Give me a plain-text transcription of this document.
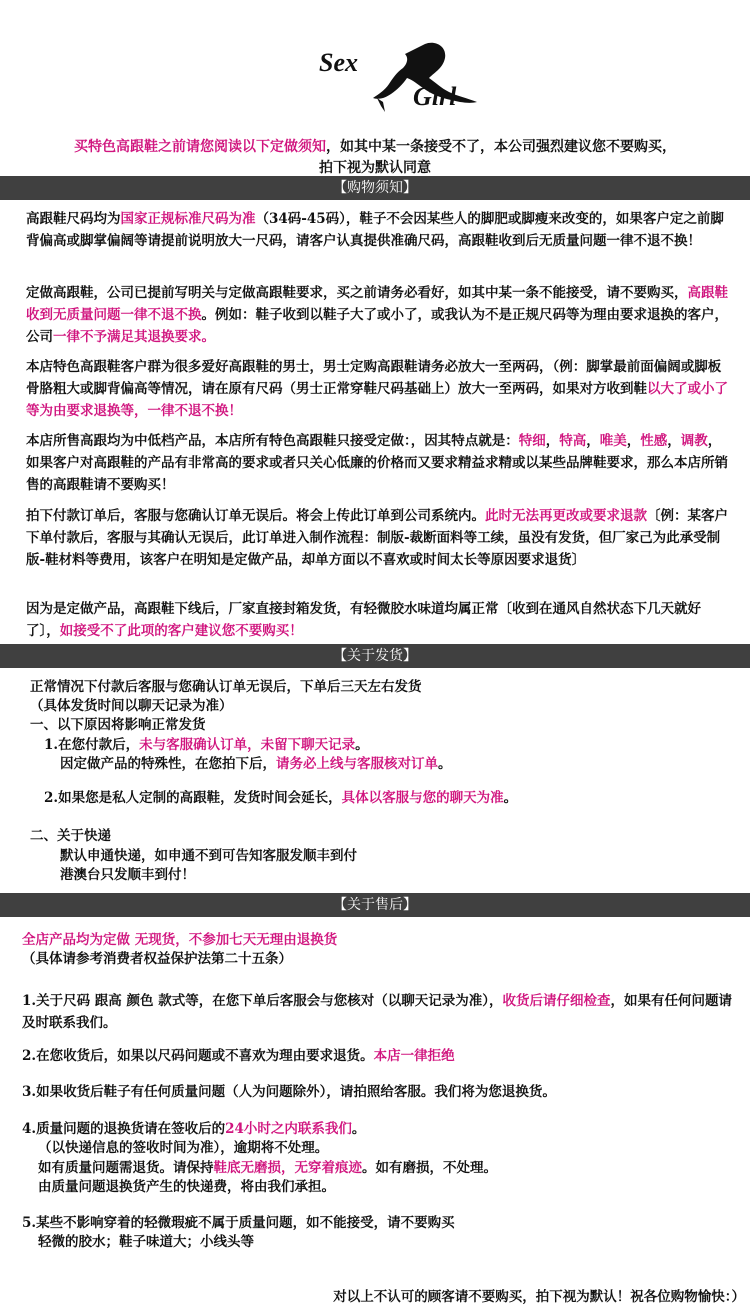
Sex
Girl
买特色高跟鞋之前请您阅读以下定做须知，如其中某一条接受不了，本公司强烈建议您不要购买，
拍下视为默认同意
【购物须知】

高跟鞋尺码均为国家正规标准尺码为准（34码-45码），鞋子不会因某些人的脚肥或脚瘦来改变的，如果客户定之前脚背偏高或脚掌偏阔等请提前说明放大一尺码，请客户认真提供准确尺码，高跟鞋收到后无质量问题一律不退不换！

定做高跟鞋，公司已提前写明关与定做高跟鞋要求，买之前请务必看好，如其中某一条不能接受，请不要购买，高跟鞋收到无质量问题一律不退不换。例如：鞋子收到以鞋子大了或小了，或我认为不是正规尺码等为理由要求退换的客户，公司一律不予满足其退换要求。

本店特色高跟鞋客户群为很多爱好高跟鞋的男士，男士定购高跟鞋请务必放大一至两码，（例：脚掌最前面偏阔或脚板骨胳粗大或脚背偏高等情况，请在原有尺码（男士正常穿鞋尺码基础上）放大一至两码，如果对方收到鞋以大了或小了等为由要求退换等，一律不退不换！

本店所售高跟均为中低档产品，本店所有特色高跟鞋只接受定做：，因其特点就是：特细，特高，唯美，性感，调教，如果客户对高跟鞋的产品有非常高的要求或者只关心低廉的价格而又要求精益求精或以某些品牌鞋要求，那么本店所销售的高跟鞋请不要购买！

拍下付款订单后，客服与您确认订单无误后。将会上传此订单到公司系统内。此时无法再更改或要求退款〔例：某客户下单付款后，客服与其确认无误后，此订单进入制作流程：制版-裁断面料等工续，虽没有发货，但厂家己为此承受制版-鞋材料等费用，该客户在明知是定做产品，却单方面以不喜欢或时间太长等原因要求退货〕

因为是定做产品，高跟鞋下线后，厂家直接封箱发货，有轻微胶水味道均属正常〔收到在通风自然状态下几天就好了〕，如接受不了此项的客户建议您不要购买！

【关于发货】

正常情况下付款后客服与您确认订单无误后，下单后三天左右发货

（具体发货时间以聊天记录为准）

一、以下原因将影响正常发货

1.在您付款后，未与客服确认订单，未留下聊天记录。

因定做产品的特殊性，在您拍下后，请务必上线与客服核对订单。

2.如果您是私人定制的高跟鞋，发货时间会延长，具体以客服与您的聊天为准。

二、关于快递

默认申通快递，如申通不到可告知客服发顺丰到付

港澳台只发顺丰到付！

【关于售后】

全店产品均为定做 无现货，不参加七天无理由退换货

（具体请参考消费者权益保护法第二十五条）

1.关于尺码 跟高 颜色 款式等，在您下单后客服会与您核对（以聊天记录为准），收货后请仔细检查，如果有任何问题请及时联系我们。

2.在您收货后，如果以尺码问题或不喜欢为理由要求退货。本店一律拒绝

3.如果收货后鞋子有任何质量问题（人为问题除外），请拍照给客服。我们将为您退换货。

4.质量问题的退换货请在签收后的24小时之内联系我们。

（以快递信息的签收时间为准），逾期将不处理。

如有质量问题需退货。请保持鞋底无磨损，无穿着痕迹。如有磨损，不处理。

由质量问题退换货产生的快递费，将由我们承担。

5.某些不影响穿着的轻微瑕疵不属于质量问题，如不能接受，请不要购买

轻微的胶水；鞋子味道大；小线头等

对以上不认可的顾客请不要购买，拍下视为默认！祝各位购物愉快：）
